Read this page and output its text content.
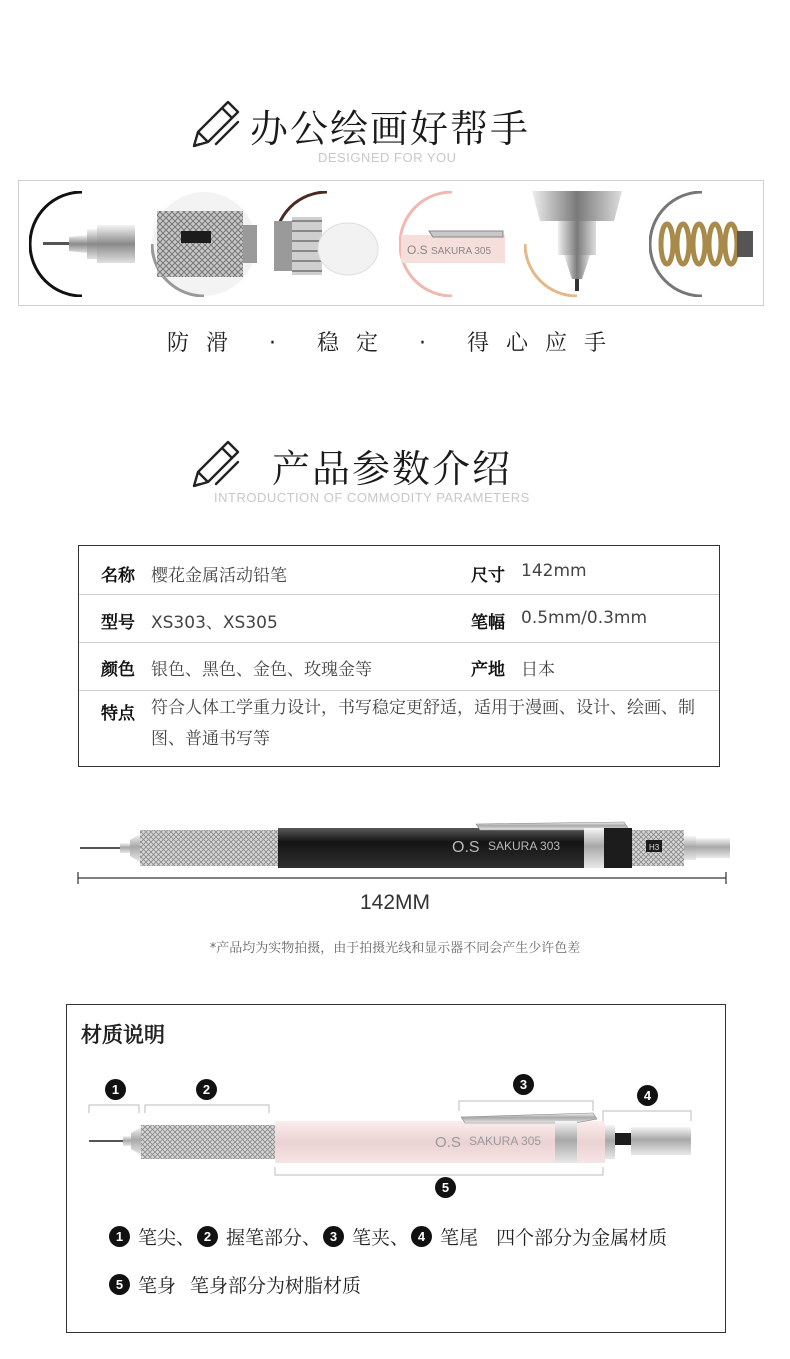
办公绘画好帮手
DESIGNED FOR YOU
O.S SAKURA 305
防滑 · 稳定 · 得心应手
产品参数介绍
INTRODUCTION OF COMMODITY PARAMETERS
名称 樱花金属活动铅笔	尺寸 142mm
型号 XS303、XS305	笔幅 0.5mm/0.3mm
颜色 银色、黑色、金色、玫瑰金等	产地 日本
特点 符合人体工学重力设计，书写稳定更舒适，适用于漫画、设计、绘画、制图、普通书写等
H3
O.S SAKURA 303
142MM
*产品均为实物拍摄，由于拍摄光线和显示器不同会产生少许色差
材质说明
1	2	3
4
5
O.S SAKURA 305
1 笔尖、 2 握笔部分、 3 笔夹、 4 笔尾 四个部分为金属材质
5 笔身 笔身部分为树脂材质
